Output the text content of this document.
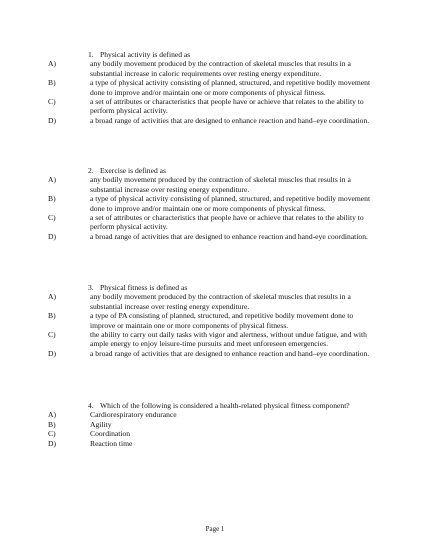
1. Physical activity is defined as
A)	any bodily movement produced by the contraction of skeletal muscles that results in a substantial increase in caloric requirements over resting energy expenditure.
B)	a type of physical activity consisting of planned, structured, and repetitive bodily movement done to improve and/or maintain one or more components of physical fitness.
C)	a set of attributes or characteristics that people have or achieve that relates to the ability to perform physical activity.
D)	a broad range of activities that are designed to enhance reaction and hand–eye coordination.
2. Exercise is defined as
A)	any bodily movement produced by the contraction of skeletal muscles that results in a substantial increase over resting energy expenditure.
B)	a type of physical activity consisting of planned, structured, and repetitive bodily movement done to improve and/or maintain one or more components of physical fitness.
C)	a set of attributes or characteristics that people have or achieve that relates to the ability to perform physical activity.
D)	a broad range of activities that are designed to enhance reaction and hand-eye coordination.
3. Physical fitness is defined as
A)	any bodily movement produced by the contraction of skeletal muscles that results in a substantial increase over resting energy expenditure.
B)	a type of PA consisting of planned, structured, and repetitive bodily movement done to improve or maintain one or more components of physical fitness.
C)	the ability to carry out daily tasks with vigor and alertness, without undue fatigue, and with ample energy to enjoy leisure-time pursuits and meet unforeseen emergencies.
D)	a broad range of activities that are designed to enhance reaction and hand–eye coordination.
4. Which of the following is considered a health-related physical fitness component?
A)	Cardiorespiratory endurance
B)	Agility
C)	Coordination
D)	Reaction time
Page 1
